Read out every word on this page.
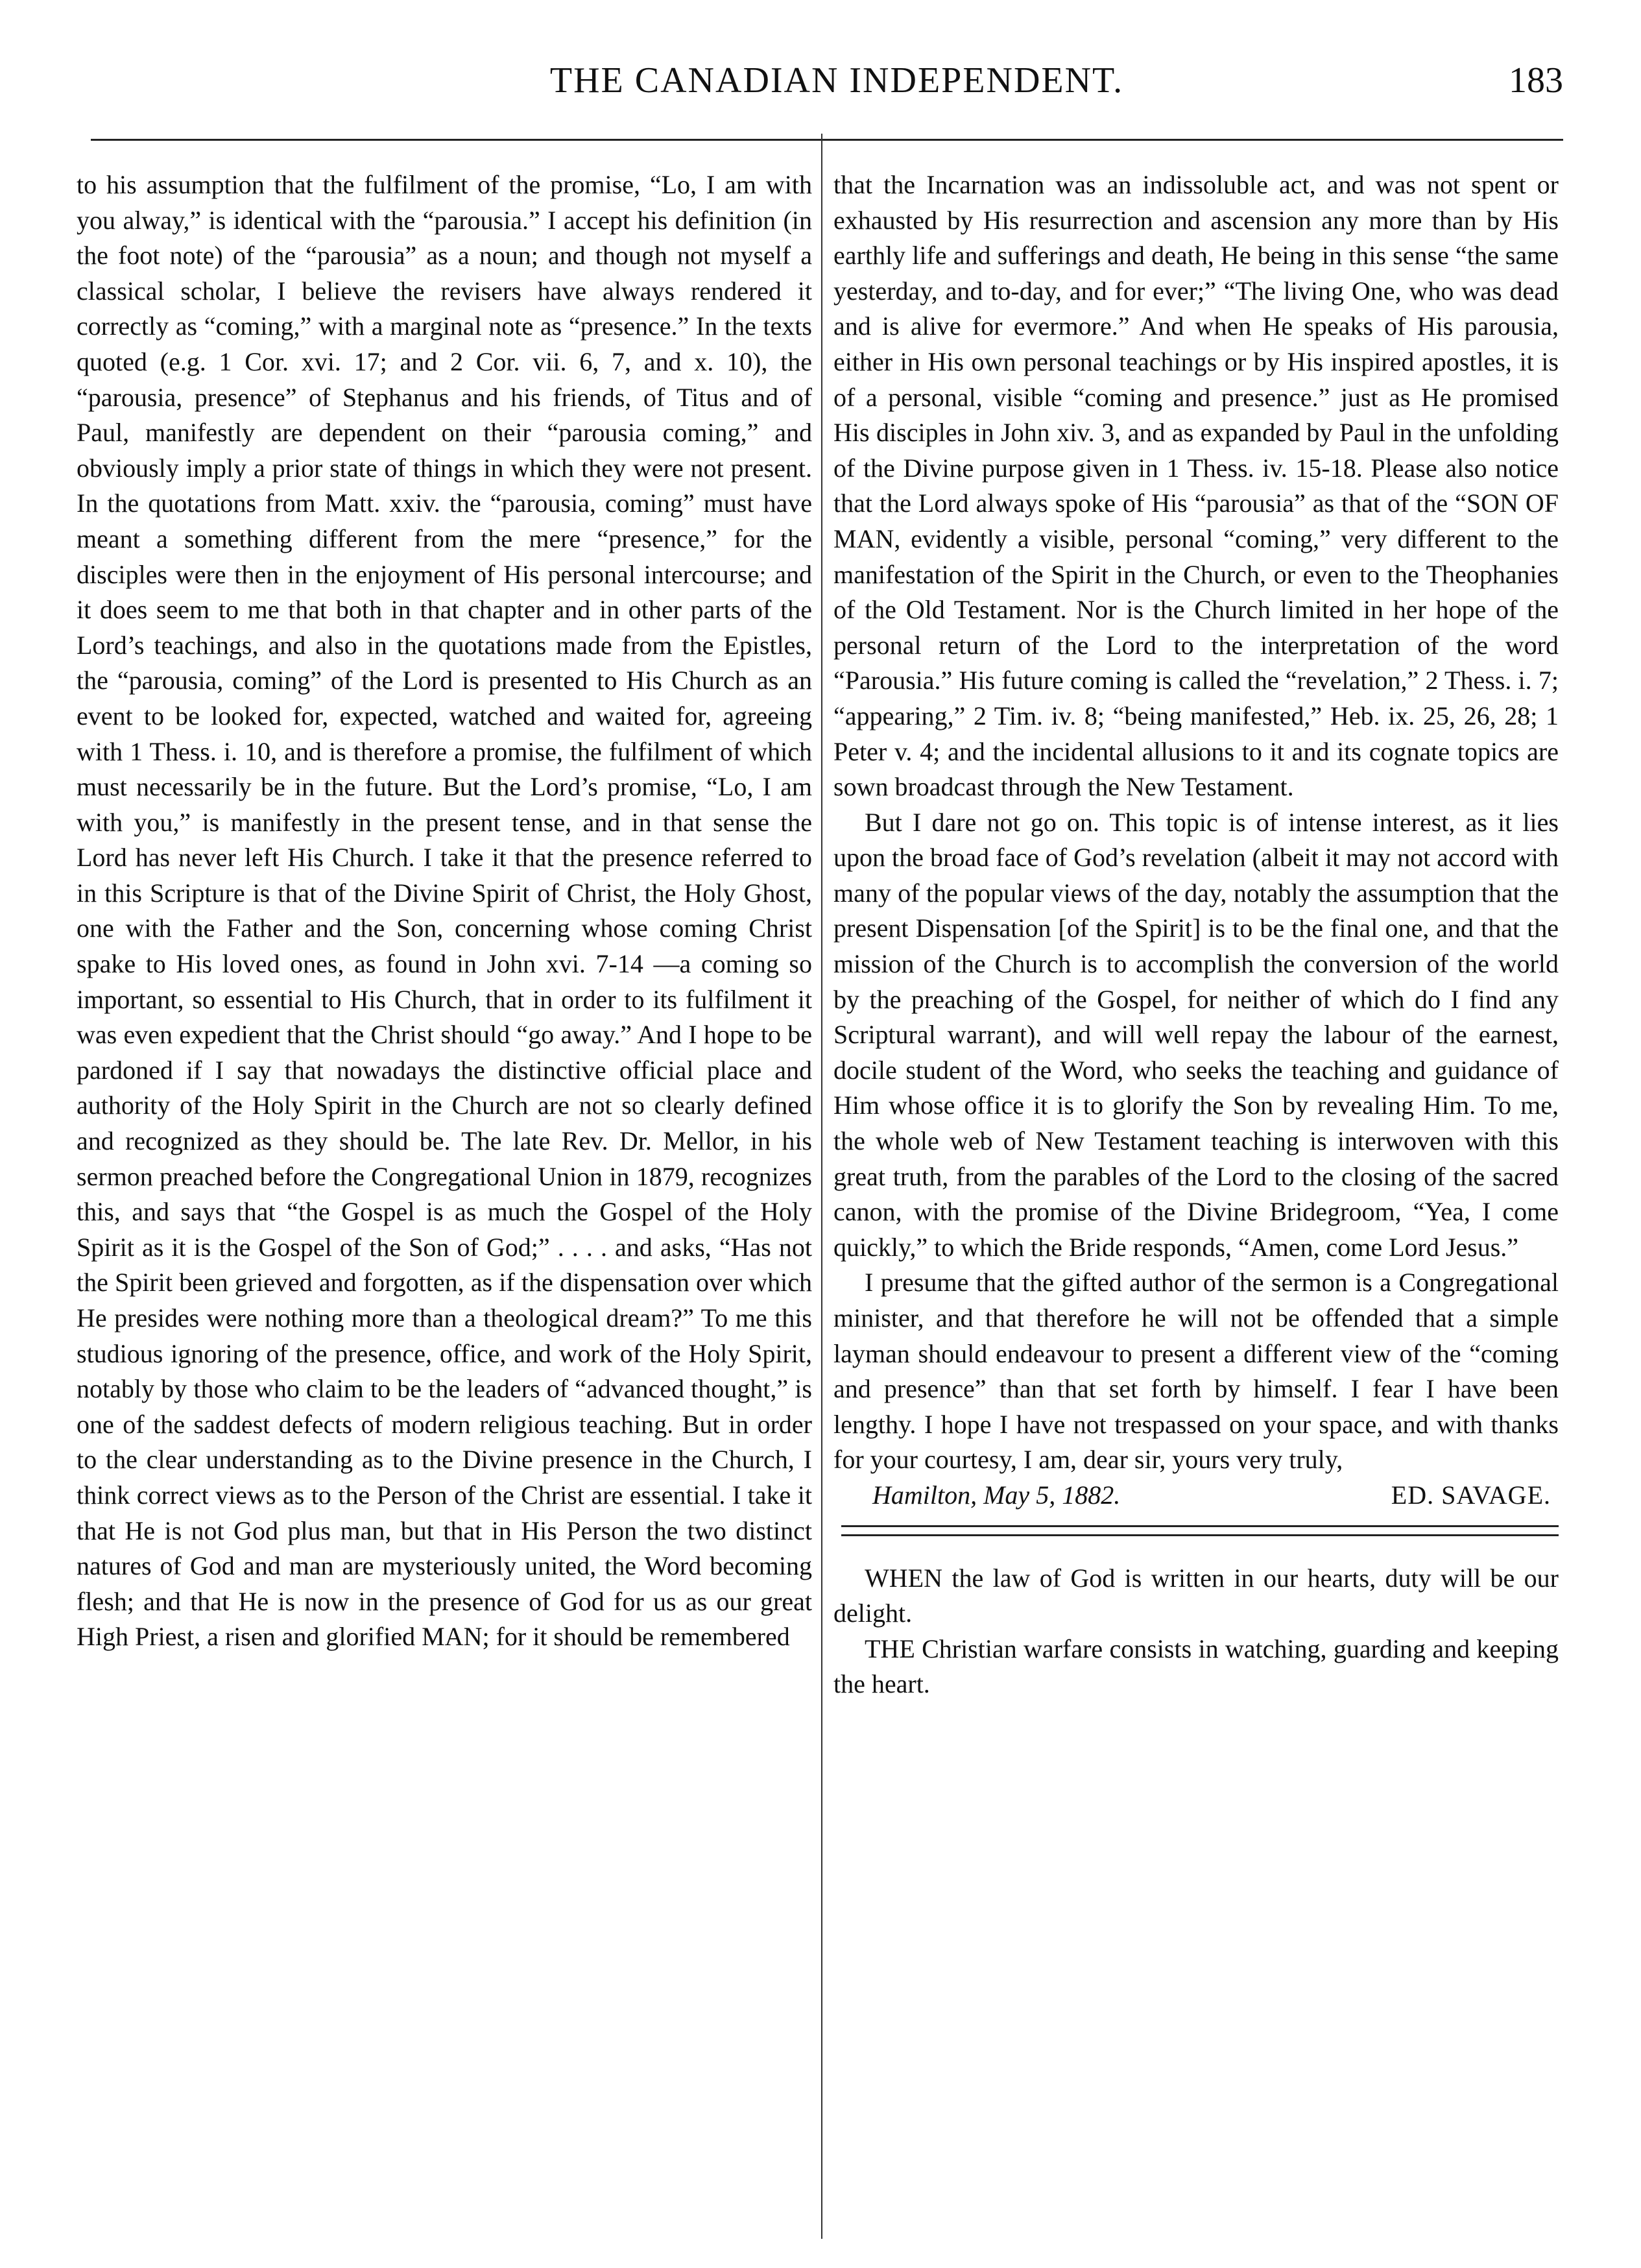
THE CANADIAN INDEPENDENT.	183

to his assumption that the fulfilment of the promise, “Lo, I am with you alway,” is identical with the “parousia.” I accept his definition (in the foot note) of the “parousia” as a noun; and though not myself a classical scholar, I believe the revisers have always rendered it correctly as “coming,” with a marginal note as “presence.” In the texts quoted (e.g. 1 Cor. xvi. 17; and 2 Cor. vii. 6, 7, and x. 10), the “parousia, presence” of Stephanus and his friends, of Titus and of Paul, manifestly are dependent on their “parousia coming,” and obviously imply a prior state of things in which they were not present. In the quotations from Matt. xxiv. the “parousia, coming” must have meant a something different from the mere “presence,” for the disciples were then in the enjoyment of His personal intercourse; and it does seem to me that both in that chapter and in other parts of the Lord’s teachings, and also in the quotations made from the Epistles, the “parousia, coming” of the Lord is presented to His Church as an event to be looked for, expected, watched and waited for, agreeing with 1 Thess. i. 10, and is therefore a promise, the fulfilment of which must necessarily be in the future. But the Lord’s promise, “Lo, I am with you,” is manifestly in the present tense, and in that sense the Lord has never left His Church. I take it that the presence referred to in this Scripture is that of the Divine Spirit of Christ, the Holy Ghost, one with the Father and the Son, concerning whose coming Christ spake to His loved ones, as found in John xvi. 7-14 —a coming so important, so essential to His Church, that in order to its fulfilment it was even expedient that the Christ should “go away.” And I hope to be pardoned if I say that nowadays the distinctive official place and authority of the Holy Spirit in the Church are not so clearly defined and recognized as they should be. The late Rev. Dr. Mellor, in his sermon preached before the Congregational Union in 1879, recognizes this, and says that “the Gospel is as much the Gospel of the Holy Spirit as it is the Gospel of the Son of God;” . . . . and asks, “Has not the Spirit been grieved and forgotten, as if the dispensation over which He presides were nothing more than a theological dream?” To me this studious ignoring of the presence, office, and work of the Holy Spirit, notably by those who claim to be the leaders of “advanced thought,” is one of the saddest defects of modern religious teaching. But in order to the clear understanding as to the Divine presence in the Church, I think correct views as to the Person of the Christ are essential. I take it that He is not God plus man, but that in His Person the two distinct natures of God and man are mysteriously united, the Word becoming flesh; and that He is now in the presence of God for us as our great High Priest, a risen and glorified MAN; for it should be remembered

that the Incarnation was an indissoluble act, and was not spent or exhausted by His resurrection and ascension any more than by His earthly life and sufferings and death, He being in this sense “the same yesterday, and to-day, and for ever;” “The living One, who was dead and is alive for evermore.” And when He speaks of His parousia, either in His own personal teachings or by His inspired apostles, it is of a personal, visible “coming and presence.” just as He promised His disciples in John xiv. 3, and as expanded by Paul in the unfolding of the Divine purpose given in 1 Thess. iv. 15-18. Please also notice that the Lord always spoke of His “parousia” as that of the “SON OF MAN, evidently a visible, personal “coming,” very different to the manifestation of the Spirit in the Church, or even to the Theophanies of the Old Testament. Nor is the Church limited in her hope of the personal return of the Lord to the interpretation of the word “Parousia.” His future coming is called the “revelation,” 2 Thess. i. 7; “appearing,” 2 Tim. iv. 8; “being manifested,” Heb. ix. 25, 26, 28; 1 Peter v. 4; and the incidental allusions to it and its cognate topics are sown broadcast through the New Testament.

But I dare not go on. This topic is of intense interest, as it lies upon the broad face of God’s revelation (albeit it may not accord with many of the popular views of the day, notably the assumption that the present Dispensation [of the Spirit] is to be the final one, and that the mission of the Church is to accomplish the conversion of the world by the preaching of the Gospel, for neither of which do I find any Scriptural warrant), and will well repay the labour of the earnest, docile student of the Word, who seeks the teaching and guidance of Him whose office it is to glorify the Son by revealing Him. To me, the whole web of New Testament teaching is interwoven with this great truth, from the parables of the Lord to the closing of the sacred canon, with the promise of the Divine Bridegroom, “Yea, I come quickly,” to which the Bride responds, “Amen, come Lord Jesus.”

I presume that the gifted author of the sermon is a Congregational minister, and that therefore he will not be offended that a simple layman should endeavour to present a different view of the “coming and presence” than that set forth by himself. I fear I have been lengthy. I hope I have not trespassed on your space, and with thanks for your courtesy, I am, dear sir, yours very truly,

Hamilton, May 5, 1882.	ED. SAVAGE.

WHEN the law of God is written in our hearts, duty will be our delight.

THE Christian warfare consists in watching, guarding and keeping the heart.
